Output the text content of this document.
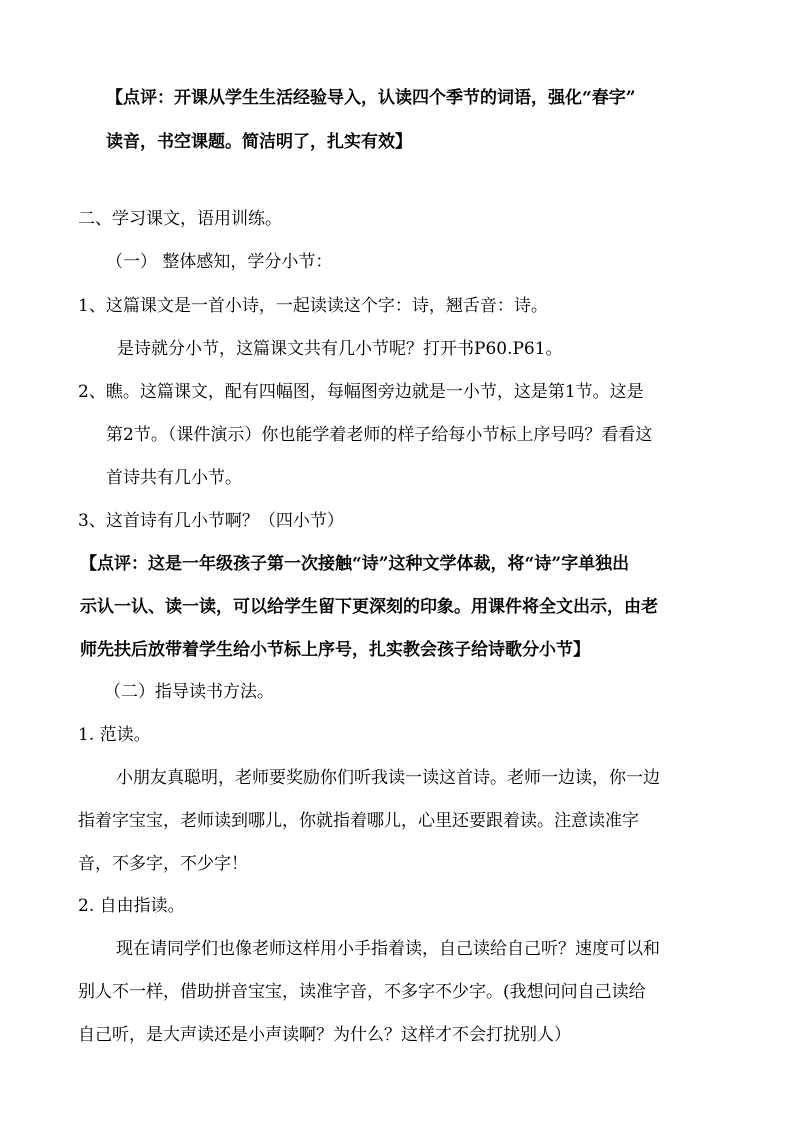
【点评：开课从学生生活经验导入，认读四个季节的词语，强化“春字”
读音，书空课题。简洁明了，扎实有效】
二、学习课文，语用训练。
（一） 整体感知，学分小节：
1、这篇课文是一首小诗，一起读读这个字：诗，翘舌音：诗。
是诗就分小节，这篇课文共有几小节呢？打开书P60.P61。
2、瞧。这篇课文，配有四幅图，每幅图旁边就是一小节，这是第1节。这是
第2节。（课件演示）你也能学着老师的样子给每小节标上序号吗？看看这
首诗共有几小节。
3、这首诗有几小节啊？（四小节）
【点评：这是一年级孩子第一次接触“诗”这种文学体裁，将“诗”字单独出
示认一认、读一读，可以给学生留下更深刻的印象。用课件将全文出示，由老
师先扶后放带着学生给小节标上序号，扎实教会孩子给诗歌分小节】
（二）指导读书方法。
1. 范读。
小朋友真聪明，老师要奖励你们听我读一读这首诗。老师一边读，你一边
指着字宝宝，老师读到哪儿，你就指着哪儿，心里还要跟着读。注意读准字
音，不多字，不少字！
2. 自由指读。
现在请同学们也像老师这样用小手指着读，自己读给自己听？速度可以和
别人不一样，借助拼音宝宝，读准字音，不多字不少字。(我想问问自己读给
自己听，是大声读还是小声读啊？为什么？这样才不会打扰别人）
